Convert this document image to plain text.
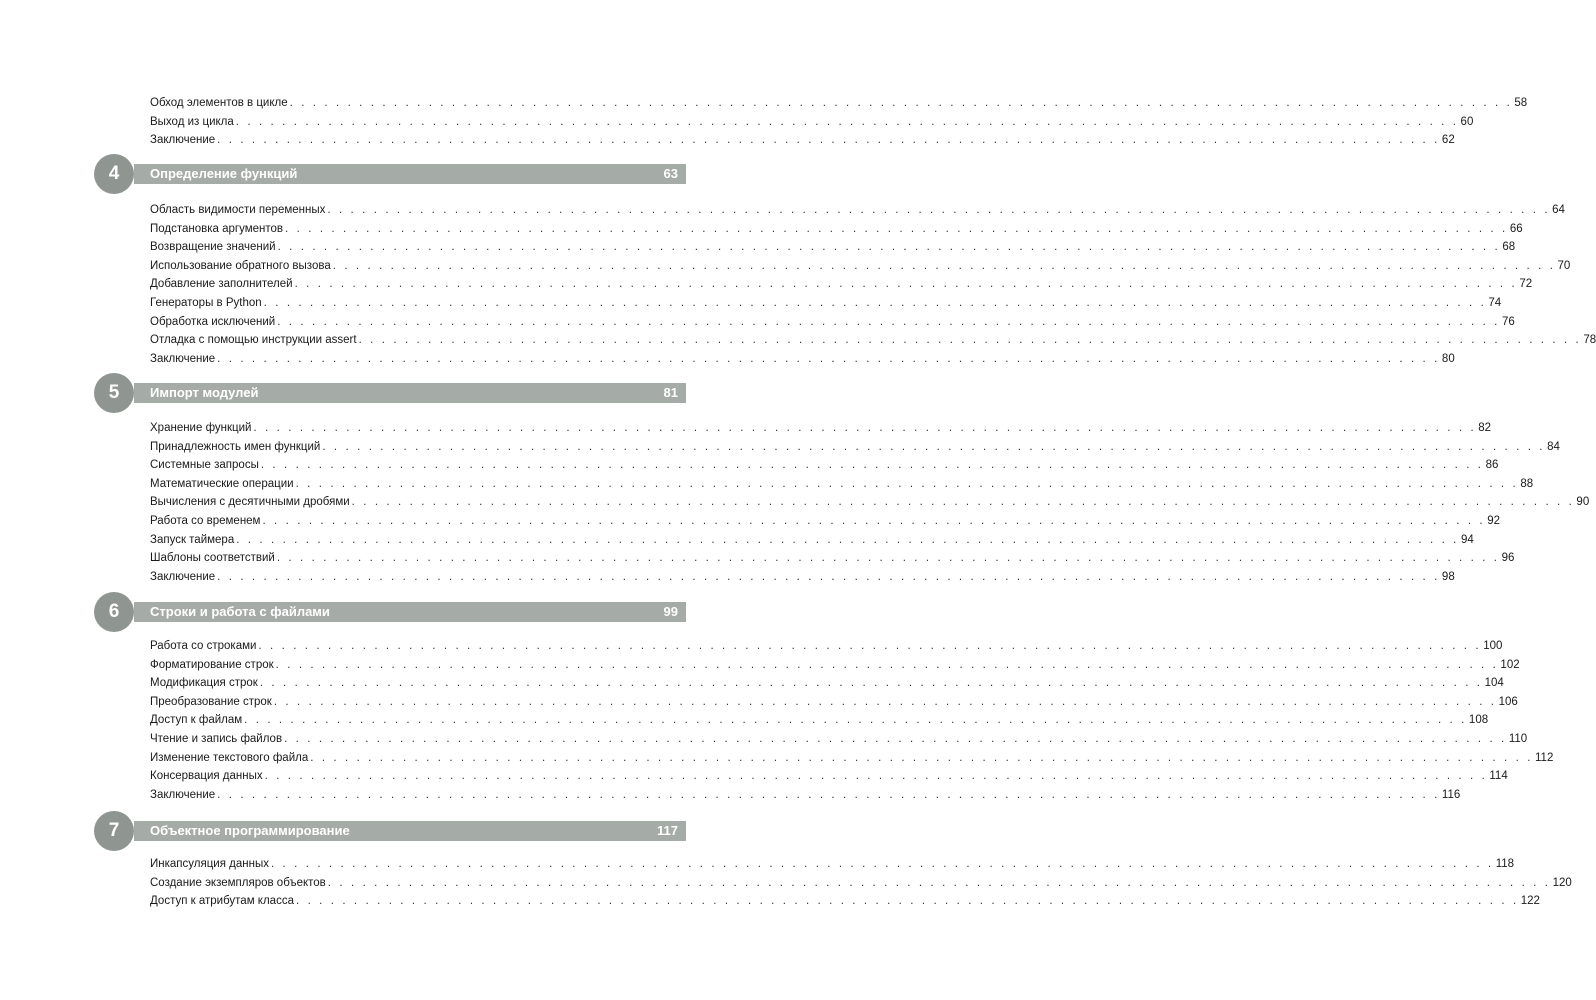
Обход элементов в цикле . . . . . . . . . . . . . . . . . . . . . . . . . . . . . . . . . . . . . . . . . . . . . . . . . . . . . . . . . . . . . . . . . . . . . . . . . . . . . . . . . . . . . . . . . . . . . . . . . . . . . . . . . . 58
Выход из цикла . . . . . . . . . . . . . . . . . . . . . . . . . . . . . . . . . . . . . . . . . . . . . . . . . . . . . . . . . . . . . . . . . . . . . . . . . . . . . . . . . . . . . . . . . . . . . . . . . . . . . . . . . . 60
Заключение . . . . . . . . . . . . . . . . . . . . . . . . . . . . . . . . . . . . . . . . . . . . . . . . . . . . . . . . . . . . . . . . . . . . . . . . . . . . . . . . . . . . . . . . . . . . . . . . . . . . . . . . . . 62
4	Определение функций	63
Область видимости переменных . . . . . . . . . . . . . . . . . . . . . . . . . . . . . . . . . . . . . . . . . . . . . . . . . . . . . . . . . . . . . . . . . . . . . . . . . . . . . . . . . . . . . . . . . . . . . . . . . . . . . . . . . . 64
Подстановка аргументов . . . . . . . . . . . . . . . . . . . . . . . . . . . . . . . . . . . . . . . . . . . . . . . . . . . . . . . . . . . . . . . . . . . . . . . . . . . . . . . . . . . . . . . . . . . . . . . . . . . . . . . . . . 66
Возвращение значений . . . . . . . . . . . . . . . . . . . . . . . . . . . . . . . . . . . . . . . . . . . . . . . . . . . . . . . . . . . . . . . . . . . . . . . . . . . . . . . . . . . . . . . . . . . . . . . . . . . . . . . . . . 68
Использование обратного вызова . . . . . . . . . . . . . . . . . . . . . . . . . . . . . . . . . . . . . . . . . . . . . . . . . . . . . . . . . . . . . . . . . . . . . . . . . . . . . . . . . . . . . . . . . . . . . . . . . . . . . . . . . . 70
Добавление заполнителей . . . . . . . . . . . . . . . . . . . . . . . . . . . . . . . . . . . . . . . . . . . . . . . . . . . . . . . . . . . . . . . . . . . . . . . . . . . . . . . . . . . . . . . . . . . . . . . . . . . . . . . . . . 72
Генераторы в Python . . . . . . . . . . . . . . . . . . . . . . . . . . . . . . . . . . . . . . . . . . . . . . . . . . . . . . . . . . . . . . . . . . . . . . . . . . . . . . . . . . . . . . . . . . . . . . . . . . . . . . . . . . 74
Обработка исключений . . . . . . . . . . . . . . . . . . . . . . . . . . . . . . . . . . . . . . . . . . . . . . . . . . . . . . . . . . . . . . . . . . . . . . . . . . . . . . . . . . . . . . . . . . . . . . . . . . . . . . . . . . 76
Отладка с помощью инструкции assert . . . . . . . . . . . . . . . . . . . . . . . . . . . . . . . . . . . . . . . . . . . . . . . . . . . . . . . . . . . . . . . . . . . . . . . . . . . . . . . . . . . . . . . . . . . . . . . . . . . . . . . . . . 78
Заключение . . . . . . . . . . . . . . . . . . . . . . . . . . . . . . . . . . . . . . . . . . . . . . . . . . . . . . . . . . . . . . . . . . . . . . . . . . . . . . . . . . . . . . . . . . . . . . . . . . . . . . . . . . 80
5	Импорт модулей	81
Хранение функций . . . . . . . . . . . . . . . . . . . . . . . . . . . . . . . . . . . . . . . . . . . . . . . . . . . . . . . . . . . . . . . . . . . . . . . . . . . . . . . . . . . . . . . . . . . . . . . . . . . . . . . . . . 82
Принадлежность имен функций . . . . . . . . . . . . . . . . . . . . . . . . . . . . . . . . . . . . . . . . . . . . . . . . . . . . . . . . . . . . . . . . . . . . . . . . . . . . . . . . . . . . . . . . . . . . . . . . . . . . . . . . . . 84
Системные запросы . . . . . . . . . . . . . . . . . . . . . . . . . . . . . . . . . . . . . . . . . . . . . . . . . . . . . . . . . . . . . . . . . . . . . . . . . . . . . . . . . . . . . . . . . . . . . . . . . . . . . . . . . . 86
Математические операции . . . . . . . . . . . . . . . . . . . . . . . . . . . . . . . . . . . . . . . . . . . . . . . . . . . . . . . . . . . . . . . . . . . . . . . . . . . . . . . . . . . . . . . . . . . . . . . . . . . . . . . . . . 88
Вычисления с десятичными дробями . . . . . . . . . . . . . . . . . . . . . . . . . . . . . . . . . . . . . . . . . . . . . . . . . . . . . . . . . . . . . . . . . . . . . . . . . . . . . . . . . . . . . . . . . . . . . . . . . . . . . . . . . . 90
Работа со временем . . . . . . . . . . . . . . . . . . . . . . . . . . . . . . . . . . . . . . . . . . . . . . . . . . . . . . . . . . . . . . . . . . . . . . . . . . . . . . . . . . . . . . . . . . . . . . . . . . . . . . . . . . 92
Запуск таймера . . . . . . . . . . . . . . . . . . . . . . . . . . . . . . . . . . . . . . . . . . . . . . . . . . . . . . . . . . . . . . . . . . . . . . . . . . . . . . . . . . . . . . . . . . . . . . . . . . . . . . . . . . 94
Шаблоны соответствий . . . . . . . . . . . . . . . . . . . . . . . . . . . . . . . . . . . . . . . . . . . . . . . . . . . . . . . . . . . . . . . . . . . . . . . . . . . . . . . . . . . . . . . . . . . . . . . . . . . . . . . . . . 96
Заключение . . . . . . . . . . . . . . . . . . . . . . . . . . . . . . . . . . . . . . . . . . . . . . . . . . . . . . . . . . . . . . . . . . . . . . . . . . . . . . . . . . . . . . . . . . . . . . . . . . . . . . . . . . 98
6	Строки и работа с файлами	99
Работа со строками . . . . . . . . . . . . . . . . . . . . . . . . . . . . . . . . . . . . . . . . . . . . . . . . . . . . . . . . . . . . . . . . . . . . . . . . . . . . . . . . . . . . . . . . . . . . . . . . . . . . . . . . . . 100
Форматирование строк . . . . . . . . . . . . . . . . . . . . . . . . . . . . . . . . . . . . . . . . . . . . . . . . . . . . . . . . . . . . . . . . . . . . . . . . . . . . . . . . . . . . . . . . . . . . . . . . . . . . . . . . . . 102
Модификация строк . . . . . . . . . . . . . . . . . . . . . . . . . . . . . . . . . . . . . . . . . . . . . . . . . . . . . . . . . . . . . . . . . . . . . . . . . . . . . . . . . . . . . . . . . . . . . . . . . . . . . . . . . . 104
Преобразование строк . . . . . . . . . . . . . . . . . . . . . . . . . . . . . . . . . . . . . . . . . . . . . . . . . . . . . . . . . . . . . . . . . . . . . . . . . . . . . . . . . . . . . . . . . . . . . . . . . . . . . . . . . . 106
Доступ к файлам . . . . . . . . . . . . . . . . . . . . . . . . . . . . . . . . . . . . . . . . . . . . . . . . . . . . . . . . . . . . . . . . . . . . . . . . . . . . . . . . . . . . . . . . . . . . . . . . . . . . . . . . . . 108
Чтение и запись файлов . . . . . . . . . . . . . . . . . . . . . . . . . . . . . . . . . . . . . . . . . . . . . . . . . . . . . . . . . . . . . . . . . . . . . . . . . . . . . . . . . . . . . . . . . . . . . . . . . . . . . . . . . . 110
Изменение текстового файла . . . . . . . . . . . . . . . . . . . . . . . . . . . . . . . . . . . . . . . . . . . . . . . . . . . . . . . . . . . . . . . . . . . . . . . . . . . . . . . . . . . . . . . . . . . . . . . . . . . . . . . . . . 112
Консервация данных . . . . . . . . . . . . . . . . . . . . . . . . . . . . . . . . . . . . . . . . . . . . . . . . . . . . . . . . . . . . . . . . . . . . . . . . . . . . . . . . . . . . . . . . . . . . . . . . . . . . . . . . . . 114
Заключение . . . . . . . . . . . . . . . . . . . . . . . . . . . . . . . . . . . . . . . . . . . . . . . . . . . . . . . . . . . . . . . . . . . . . . . . . . . . . . . . . . . . . . . . . . . . . . . . . . . . . . . . . . 116
7	Объектное программирование	117
Инкапсуляция данных . . . . . . . . . . . . . . . . . . . . . . . . . . . . . . . . . . . . . . . . . . . . . . . . . . . . . . . . . . . . . . . . . . . . . . . . . . . . . . . . . . . . . . . . . . . . . . . . . . . . . . . . . . 118
Создание экземпляров объектов . . . . . . . . . . . . . . . . . . . . . . . . . . . . . . . . . . . . . . . . . . . . . . . . . . . . . . . . . . . . . . . . . . . . . . . . . . . . . . . . . . . . . . . . . . . . . . . . . . . . . . . . . . 120
Доступ к атрибутам класса . . . . . . . . . . . . . . . . . . . . . . . . . . . . . . . . . . . . . . . . . . . . . . . . . . . . . . . . . . . . . . . . . . . . . . . . . . . . . . . . . . . . . . . . . . . . . . . . . . . . . . . . . . 122
